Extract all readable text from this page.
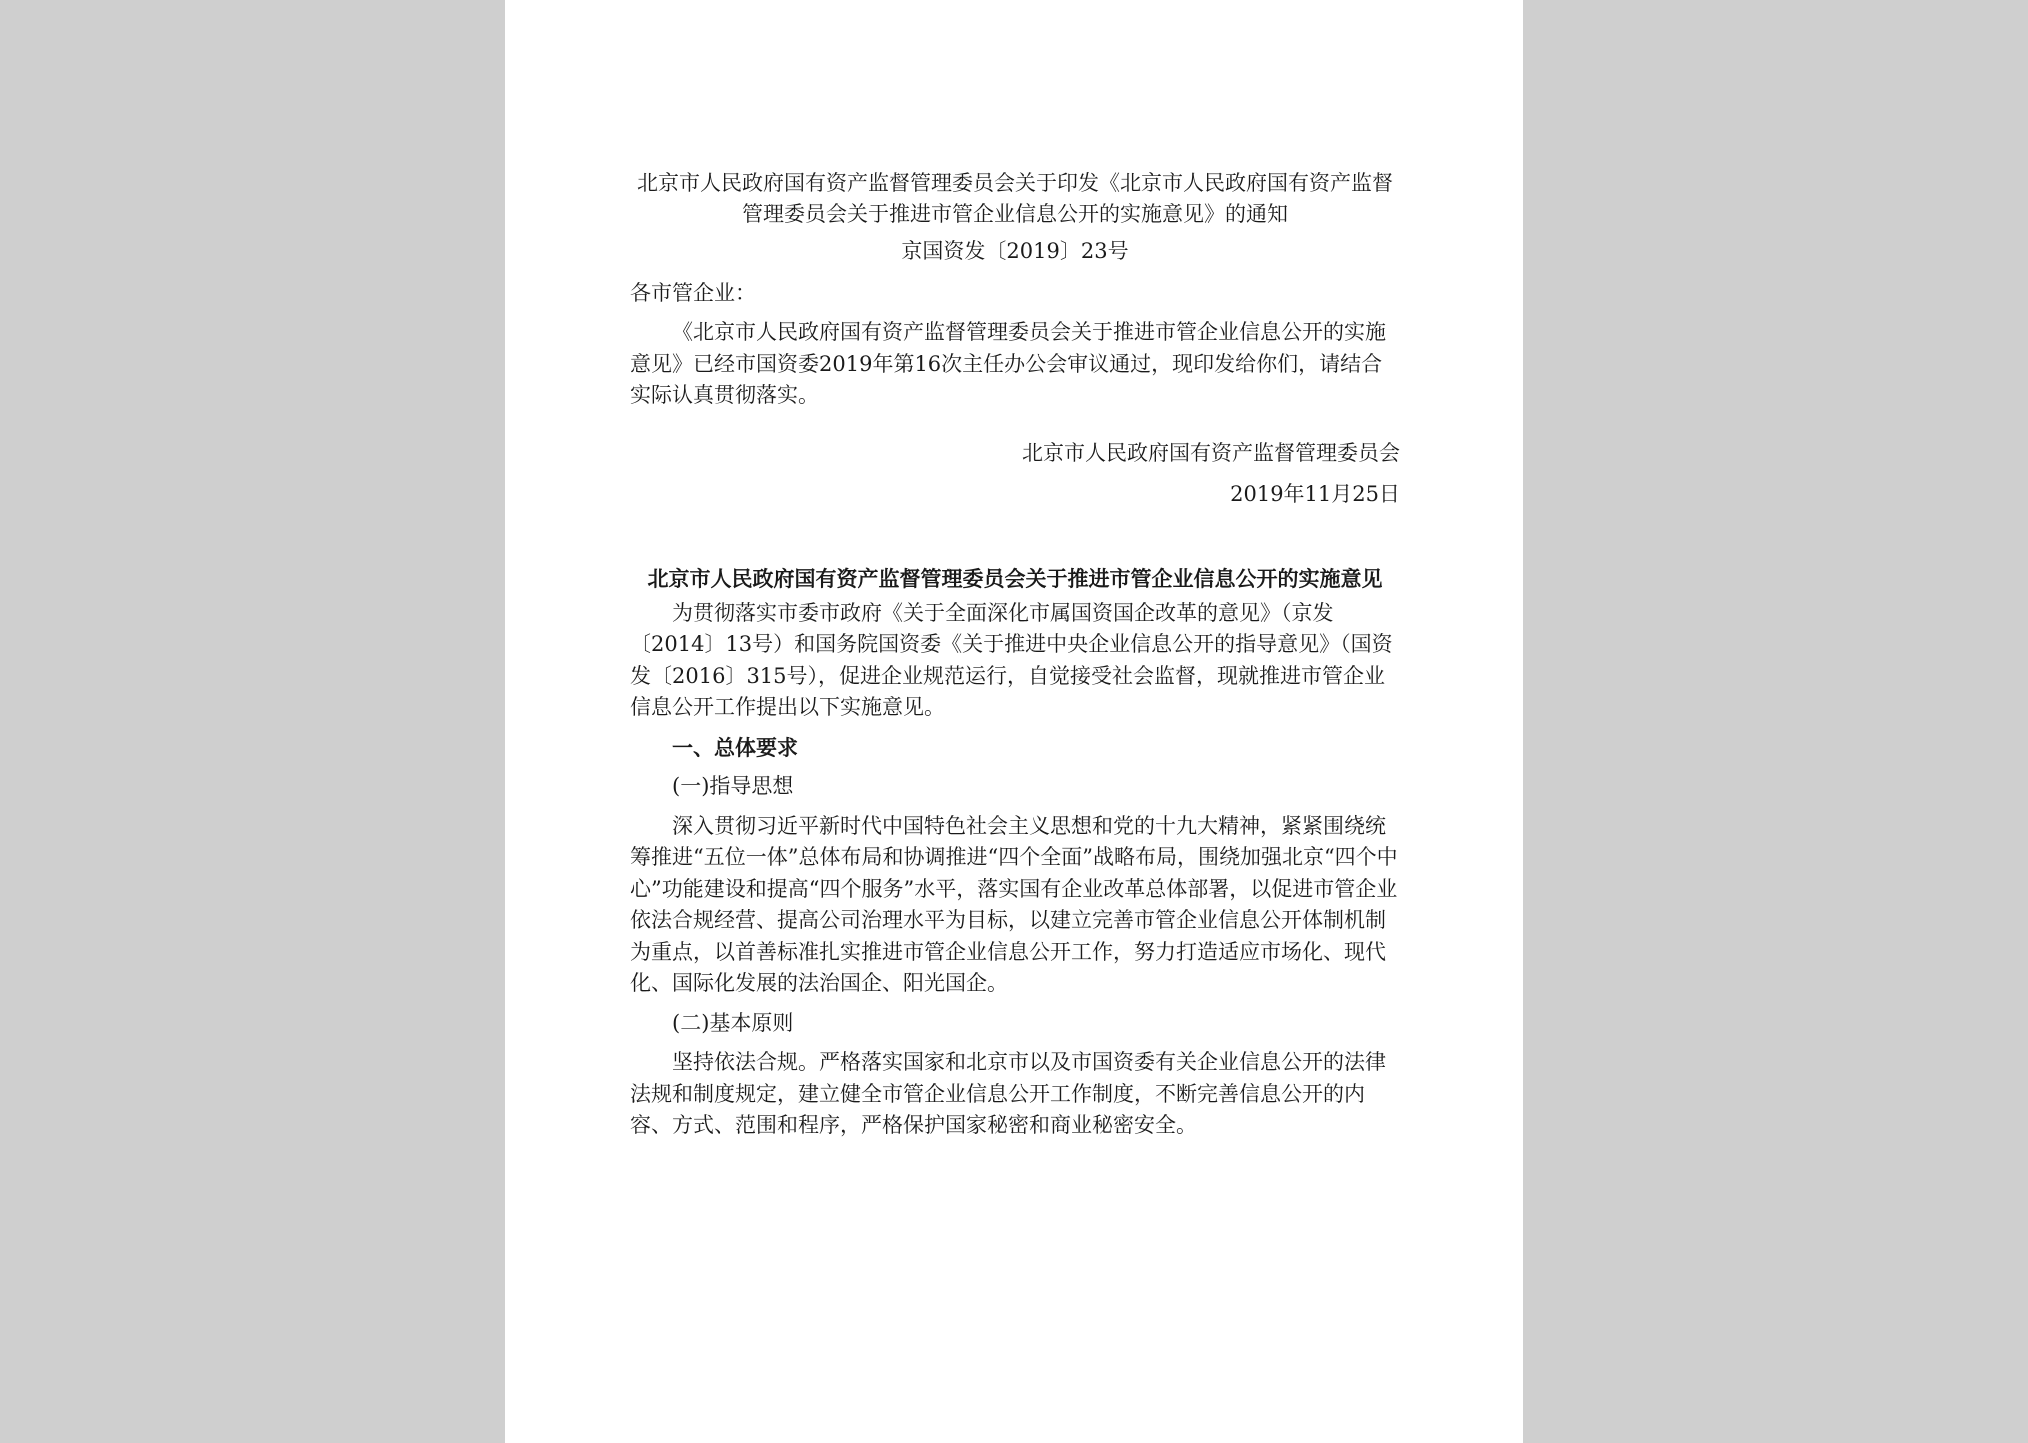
北京市人民政府国有资产监督管理委员会关于印发《北京市人民政府国有资产监督管理委员会关于推进市管企业信息公开的实施意见》的通知

京国资发〔2019〕23号

各市管企业：

《北京市人民政府国有资产监督管理委员会关于推进市管企业信息公开的实施意见》已经市国资委2019年第16次主任办公会审议通过，现印发给你们，请结合实际认真贯彻落实。

北京市人民政府国有资产监督管理委员会

2019年11月25日

北京市人民政府国有资产监督管理委员会关于推进市管企业信息公开的实施意见

为贯彻落实市委市政府《关于全面深化市属国资国企改革的意见》（京发〔2014〕13号）和国务院国资委《关于推进中央企业信息公开的指导意见》（国资发〔2016〕315号），促进企业规范运行，自觉接受社会监督，现就推进市管企业信息公开工作提出以下实施意见。

一、总体要求

(一)指导思想

深入贯彻习近平新时代中国特色社会主义思想和党的十九大精神，紧紧围绕统筹推进“五位一体”总体布局和协调推进“四个全面”战略布局，围绕加强北京“四个中心”功能建设和提高“四个服务”水平，落实国有企业改革总体部署，以促进市管企业依法合规经营、提高公司治理水平为目标，以建立完善市管企业信息公开体制机制为重点，以首善标准扎实推进市管企业信息公开工作，努力打造适应市场化、现代化、国际化发展的法治国企、阳光国企。

(二)基本原则

坚持依法合规。严格落实国家和北京市以及市国资委有关企业信息公开的法律法规和制度规定，建立健全市管企业信息公开工作制度，不断完善信息公开的内容、方式、范围和程序，严格保护国家秘密和商业秘密安全。
